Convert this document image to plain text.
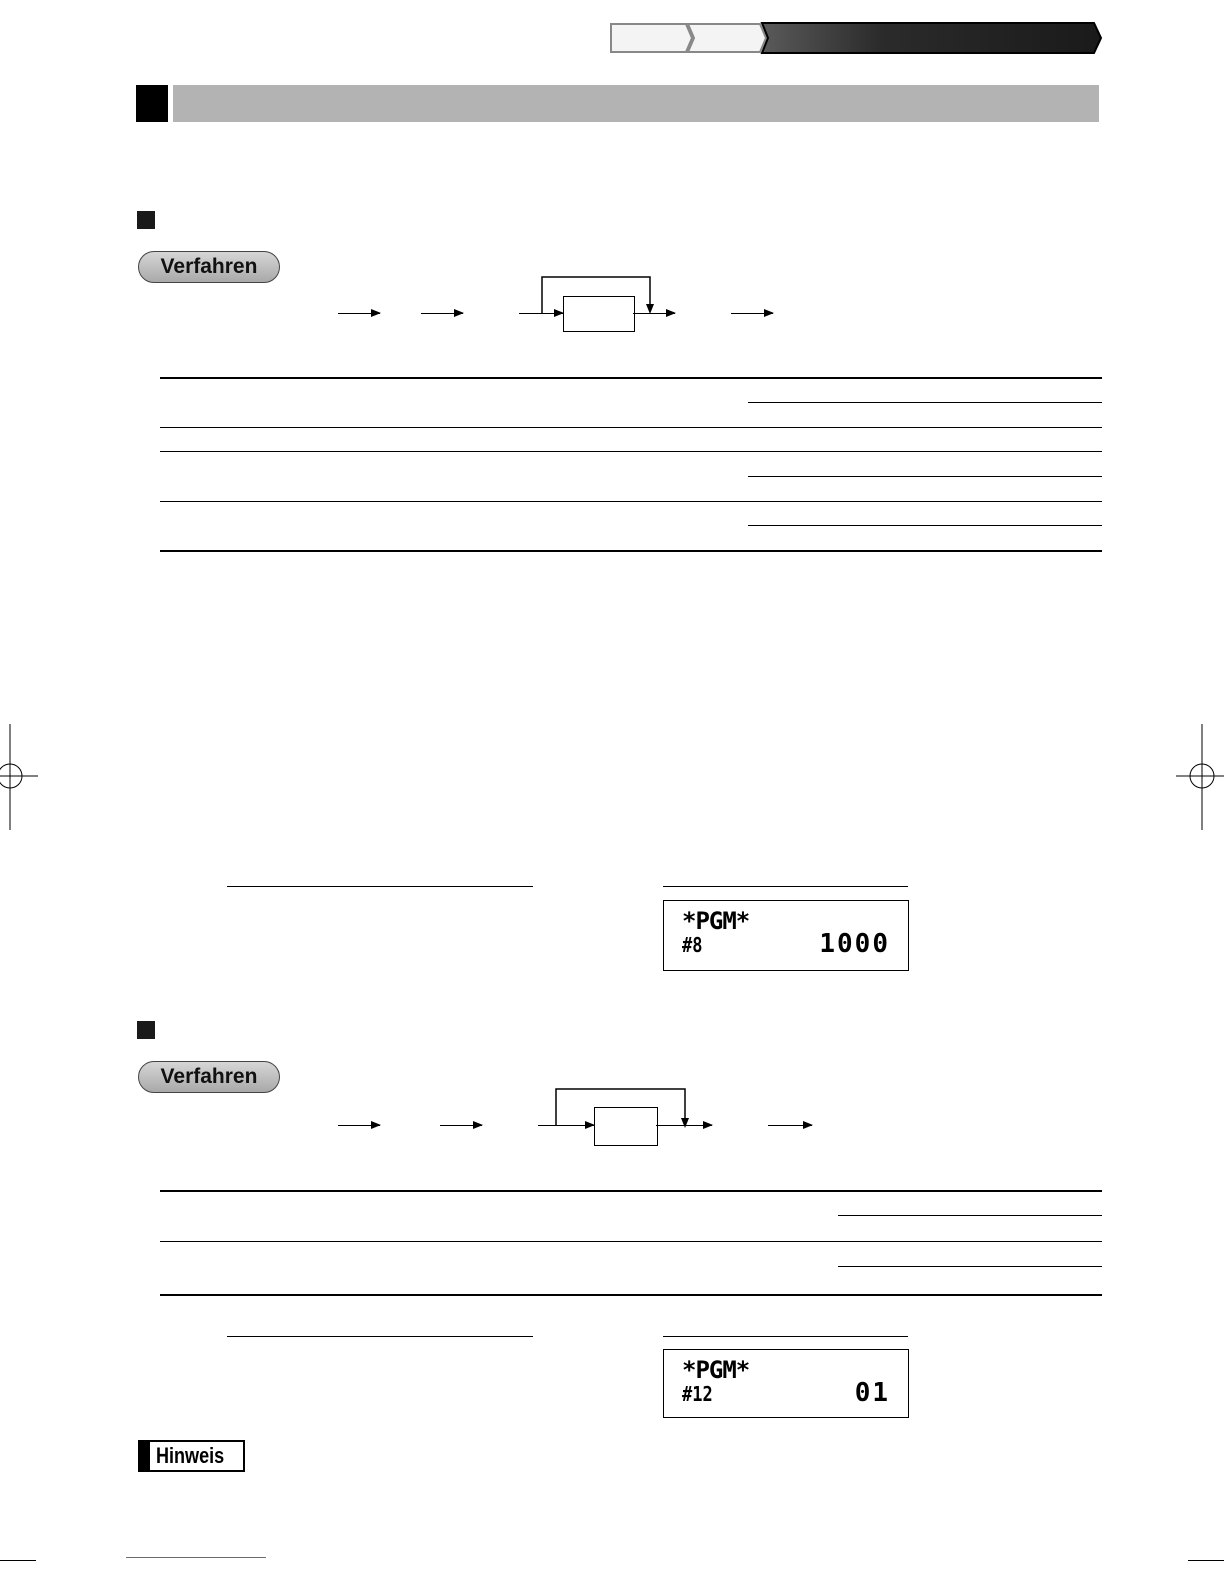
Verfahren
*PGM*
#8	1000
Verfahren
*PGM*
#12	01
Hinweis
